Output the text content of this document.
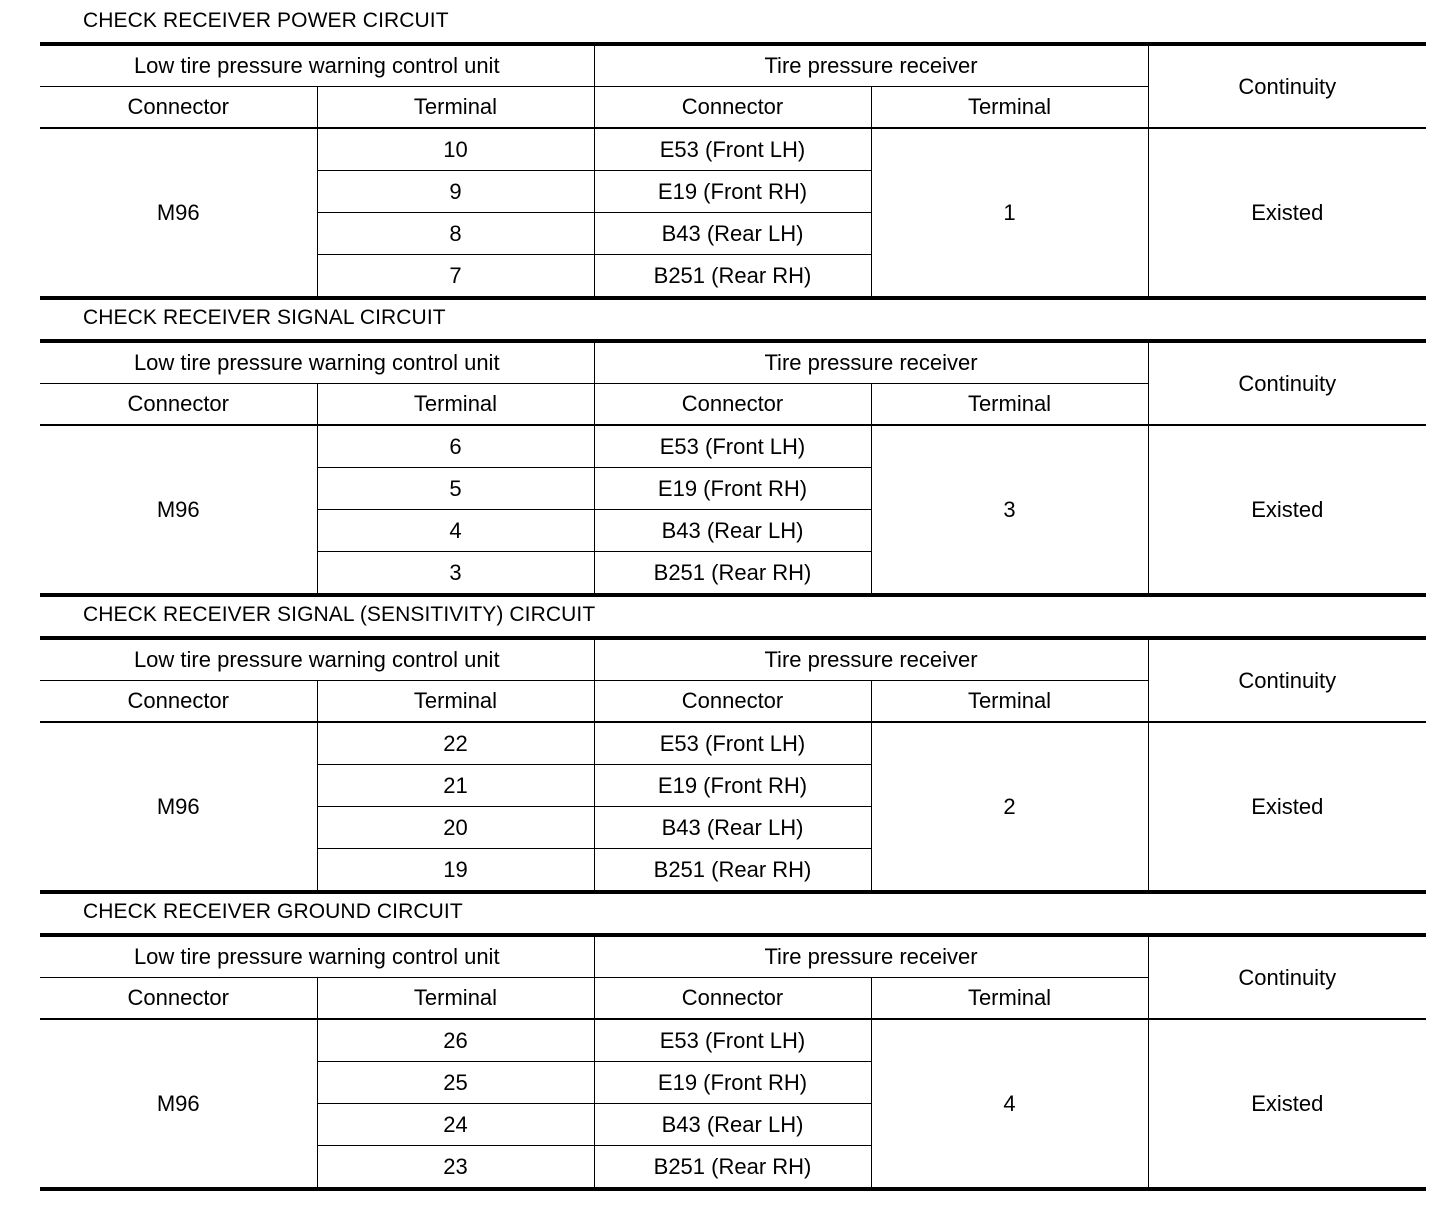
CHECK RECEIVER POWER CIRCUIT
Low tire pressure warning control unit		Tire pressure receiver		Continuity
Connector	Terminal	Connector	Terminal	
M96	10	E53 (Front LH)	1	Existed
	9	E19 (Front RH)		
	8	B43 (Rear LH)		
	7	B251 (Rear RH)		
CHECK RECEIVER SIGNAL CIRCUIT
Low tire pressure warning control unit		Tire pressure receiver		Continuity
Connector	Terminal	Connector	Terminal	
M96	6	E53 (Front LH)	3	Existed
	5	E19 (Front RH)		
	4	B43 (Rear LH)		
	3	B251 (Rear RH)		
CHECK RECEIVER SIGNAL (SENSITIVITY) CIRCUIT
Low tire pressure warning control unit		Tire pressure receiver		Continuity
Connector	Terminal	Connector	Terminal	
M96	22	E53 (Front LH)	2	Existed
	21	E19 (Front RH)		
	20	B43 (Rear LH)		
	19	B251 (Rear RH)		
CHECK RECEIVER GROUND CIRCUIT
Low tire pressure warning control unit		Tire pressure receiver		Continuity
Connector	Terminal	Connector	Terminal	
M96	26	E53 (Front LH)	4	Existed
	25	E19 (Front RH)		
	24	B43 (Rear LH)		
	23	B251 (Rear RH)		
